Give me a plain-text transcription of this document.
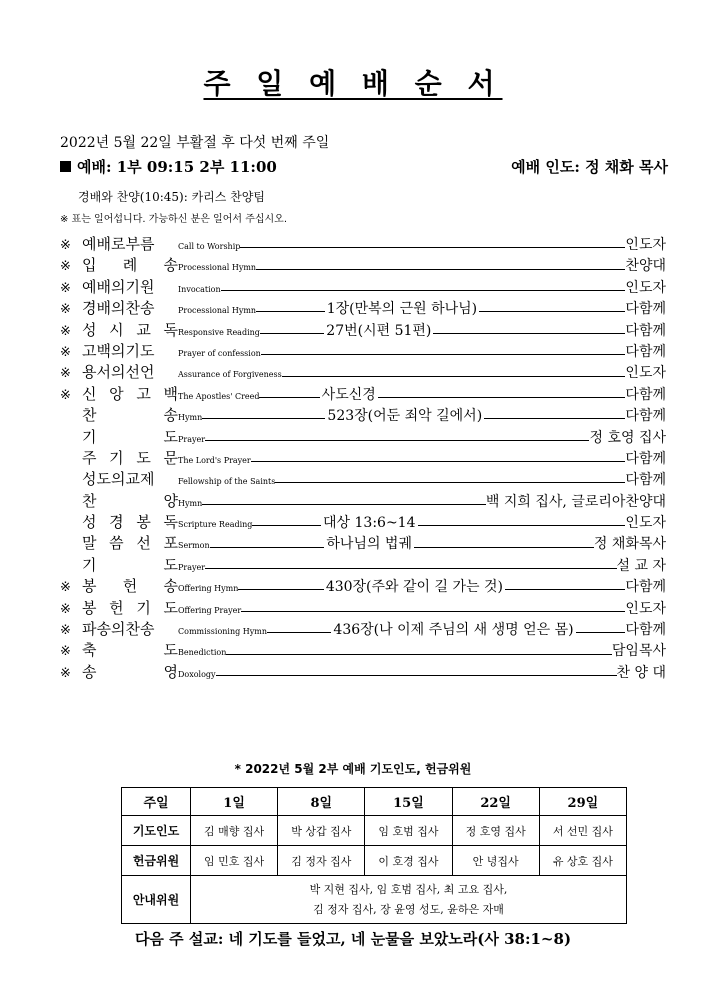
주 일 예 배 순 서
2022년 5월 22일 부활절 후 다섯 번째 주일
예배: 1부 09:15 2부 11:00	예배 인도: 정 채화 목사
경배와 찬양(10:45): 카리스 찬양팀
※ 표는 일어섭니다. 가능하신 분은 일어서 주십시오.
※ 예배로부름	Call to Worship	인도자
※ 입 례 송 Processional Hymn	찬양대
※ 예배의기원	Invocation	인도자
※ 경배의찬송	Processional Hymn	1장(만복의 근원 하나님)	다함께
※ 성 시 교 독 Responsive Reading	27번(시편 51편)	다함께
※ 고백의기도	Prayer of confession	다함께
※ 용서의선언	Assurance of Forgiveness	인도자
※ 신 앙 고 백 The Apostles' Creed	사도신경	다함께
찬	송 Hymn	523장(어둔 죄악 길에서)	다함께
기	도 Prayer	정 호영 집사
주 기 도 문 The Lord's Prayer	다함께
성도의교제	Fellowship of the Saints	다함께
찬	양 Hymn	백 지희 집사, 글로리아찬양대
성 경 봉 독 Scripture Reading	대상 13:6~14	인도자
말 씀 선 포 Sermon	하나님의 법궤	정 채화목사
기	도 Prayer	설 교 자
※ 봉 헌 송 Offering Hymn	430장(주와 같이 길 가는 것)	다함께
※ 봉 헌 기 도 Offering Prayer	인도자
※ 파송의찬송	Commissioning Hymn	436장(나 이제 주님의 새 생명 얻은 몸)	다함께
※ 축	도 Benediction	담임목사
※ 송	영 Doxology	찬 양 대
* 2022년 5월 2부 예배 기도인도, 헌금위원
주일	1일	8일	15일	22일	29일
기도인도	김 매향 집사	박 상갑 집사	임 호범 집사	정 호영 집사	서 선민 집사
헌금위원	임 민호 집사	김 정자 집사	이 호경 집사	안 녕집사	유 상호 집사
안내위원	박 지현 집사, 임 호범 집사, 최 고요 집사,
김 정자 집사, 장 윤영 성도, 윤하은 자매				
다음 주 설교: 네 기도를 들었고, 네 눈물을 보았노라(사 38:1~8)
